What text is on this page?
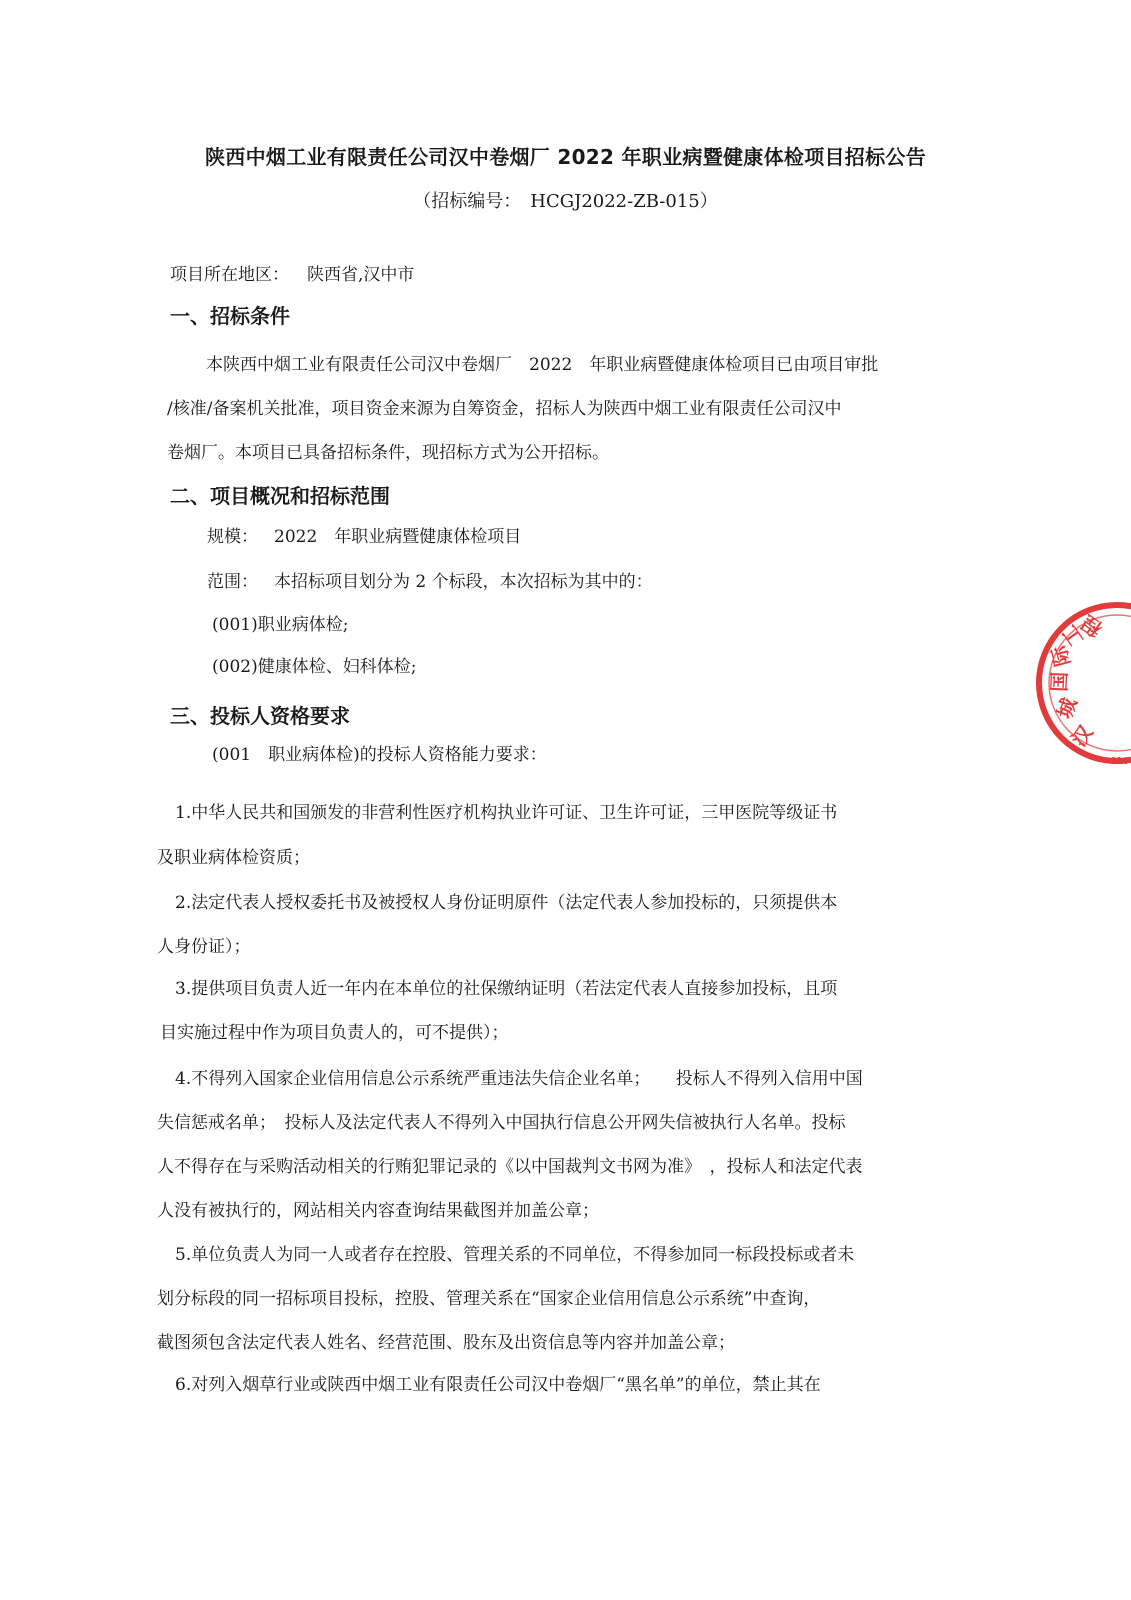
陕西中烟工业有限责任公司汉中卷烟厂 2022 年职业病暨健康体检项目招标公告
（招标编号：　HCGJ2022-ZB-015）
项目所在地区： 陕西省,汉中市
一、招标条件
本陕西中烟工业有限责任公司汉中卷烟厂　2022　年职业病暨健康体检项目已由项目审批
/核准/备案机关批准，项目资金来源为自筹资金，招标人为陕西中烟工业有限责任公司汉中
卷烟厂。本项目已具备招标条件，现招标方式为公开招标。
二、项目概况和招标范围
规模： 2022　年职业病暨健康体检项目
范围： 本招标项目划分为 2 个标段，本次招标为其中的：
(001)职业病体检;
(002)健康体检、妇科体检;
三、投标人资格要求
(001　职业病体检)的投标人资格能力要求：
1.中华人民共和国颁发的非营利性医疗机构执业许可证、卫生许可证，三甲医院等级证书
及职业病体检资质；
2.法定代表人授权委托书及被授权人身份证明原件（法定代表人参加投标的，只须提供本
人身份证）；
3.提供项目负责人近一年内在本单位的社保缴纳证明（若法定代表人直接参加投标，且项
目实施过程中作为项目负责人的，可不提供）；
4.不得列入国家企业信用信息公示系统严重违法失信企业名单；　　投标人不得列入信用中国
失信惩戒名单；　投标人及法定代表人不得列入中国执行信息公开网失信被执行人名单。投标
人不得存在与采购活动相关的行贿犯罪记录的《以中国裁判文书网为准》　，投标人和法定代表
人没有被执行的，网站相关内容查询结果截图并加盖公章；
5.单位负责人为同一人或者存在控股、管理关系的不同单位，不得参加同一标段投标或者未
划分标段的同一招标项目投标，控股、管理关系在“国家企业信用信息公示系统”中查询，
截图须包含法定代表人姓名、经营范围、股东及出资信息等内容并加盖公章；
6.对列入烟草行业或陕西中烟工业有限责任公司汉中卷烟厂“黑名单”的单位，禁止其在
汉
城
国
际
工
程
610
